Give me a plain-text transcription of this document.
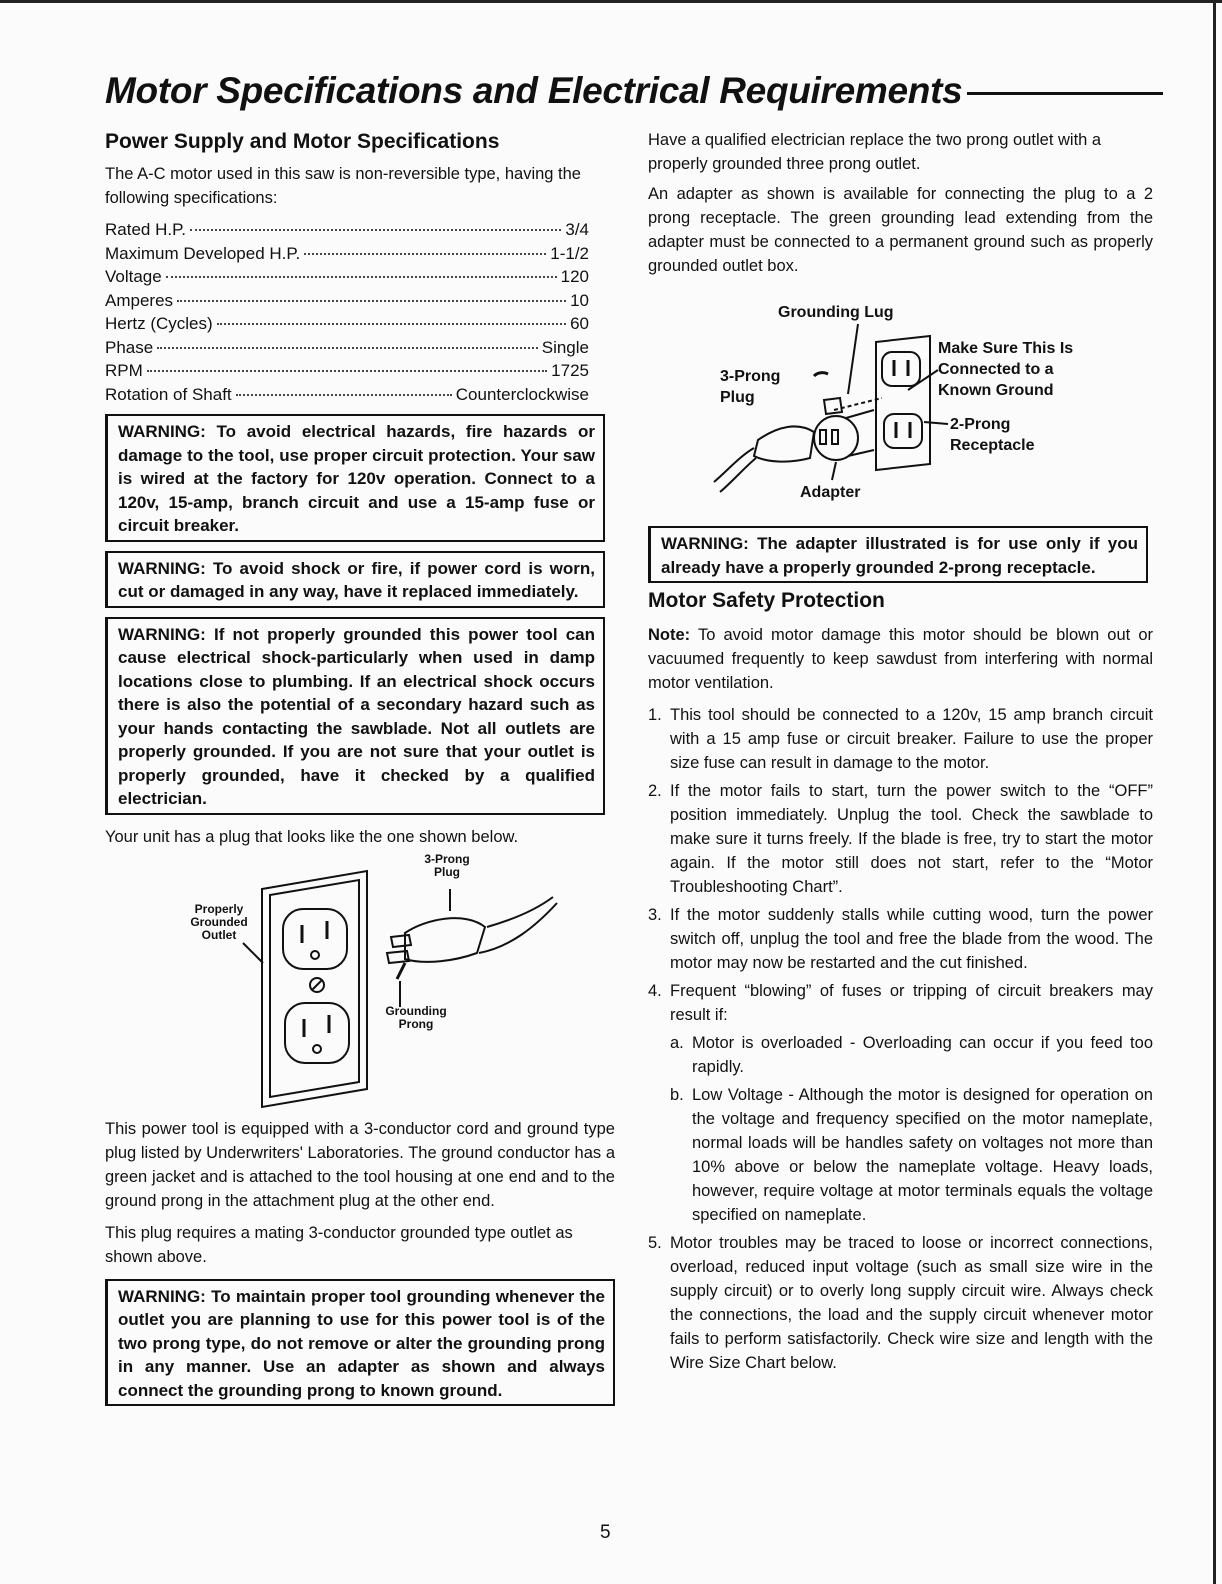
Motor Specifications and Electrical Requirements
Power Supply and Motor Specifications

The A-C motor used in this saw is non-reversible type, having the following specifications:

Rated H.P.	3/4
Maximum Developed H.P.	1-1/2
Voltage	120
Amperes	10
Hertz (Cycles)	60
Phase	Single
RPM	1725
Rotation of Shaft	Counterclockwise
WARNING: To avoid electrical hazards, fire hazards or damage to the tool, use proper circuit protection. Your saw is wired at the factory for 120v operation. Connect to a 120v, 15-amp, branch circuit and use a 15-amp fuse or circuit breaker.
WARNING: To avoid shock or fire, if power cord is worn, cut or damaged in any way, have it replaced immediately.
WARNING: If not properly grounded this power tool can cause electrical shock-particularly when used in damp locations close to plumbing. If an electrical shock occurs there is also the potential of a secondary hazard such as your hands contacting the sawblade. Not all outlets are properly grounded. If you are not sure that your outlet is properly grounded, have it checked by a qualified electrician.

Your unit has a plug that looks like the one shown below.

Properly Grounded Outlet
3-Prong Plug
Grounding Prong

This power tool is equipped with a 3-conductor cord and ground type plug listed by Underwriters' Laboratories. The ground conductor has a green jacket and is attached to the tool housing at one end and to the ground prong in the attachment plug at the other end.

This plug requires a mating 3-conductor grounded type outlet as shown above.

WARNING: To maintain proper tool grounding whenever the outlet you are planning to use for this power tool is of the two prong type, do not remove or alter the grounding prong in any manner. Use an adapter as shown and always connect the grounding prong to known ground.

Have a qualified electrician replace the two prong outlet with a properly grounded three prong outlet.

An adapter as shown is available for connecting the plug to a 2 prong receptacle. The green grounding lead extending from the adapter must be connected to a permanent ground such as properly grounded outlet box.

Grounding Lug
3-Prong Plug
Make Sure This Is Connected to a Known Ground
2-Prong Receptacle
Adapter
WARNING: The adapter illustrated is for use only if you already have a properly grounded 2-prong receptacle.
Motor Safety Protection

Note: To avoid motor damage this motor should be blown out or vacuumed frequently to keep sawdust from interfering with normal motor ventilation.

1. This tool should be connected to a 120v, 15 amp branch circuit with a 15 amp fuse or circuit breaker. Failure to use the proper size fuse can result in damage to the motor.
2. If the motor fails to start, turn the power switch to the “OFF” position immediately. Unplug the tool. Check the sawblade to make sure it turns freely. If the blade is free, try to start the motor again. If the motor still does not start, refer to the “Motor Troubleshooting Chart”.
3. If the motor suddenly stalls while cutting wood, turn the power switch off, unplug the tool and free the blade from the wood. The motor may now be restarted and the cut finished.
4. Frequent “blowing” of fuses or tripping of circuit breakers may result if:
a. Motor is overloaded - Overloading can occur if you feed too rapidly.
b. Low Voltage - Although the motor is designed for operation on the voltage and frequency specified on the motor nameplate, normal loads will be handles safety on voltages not more than 10% above or below the nameplate voltage. Heavy loads, however, require voltage at motor terminals equals the voltage specified on nameplate.
5. Motor troubles may be traced to loose or incorrect connections, overload, reduced input voltage (such as small size wire in the supply circuit) or to overly long supply circuit wire. Always check the connections, the load and the supply circuit whenever motor fails to perform satisfactorily. Check wire size and length with the Wire Size Chart below.
5
